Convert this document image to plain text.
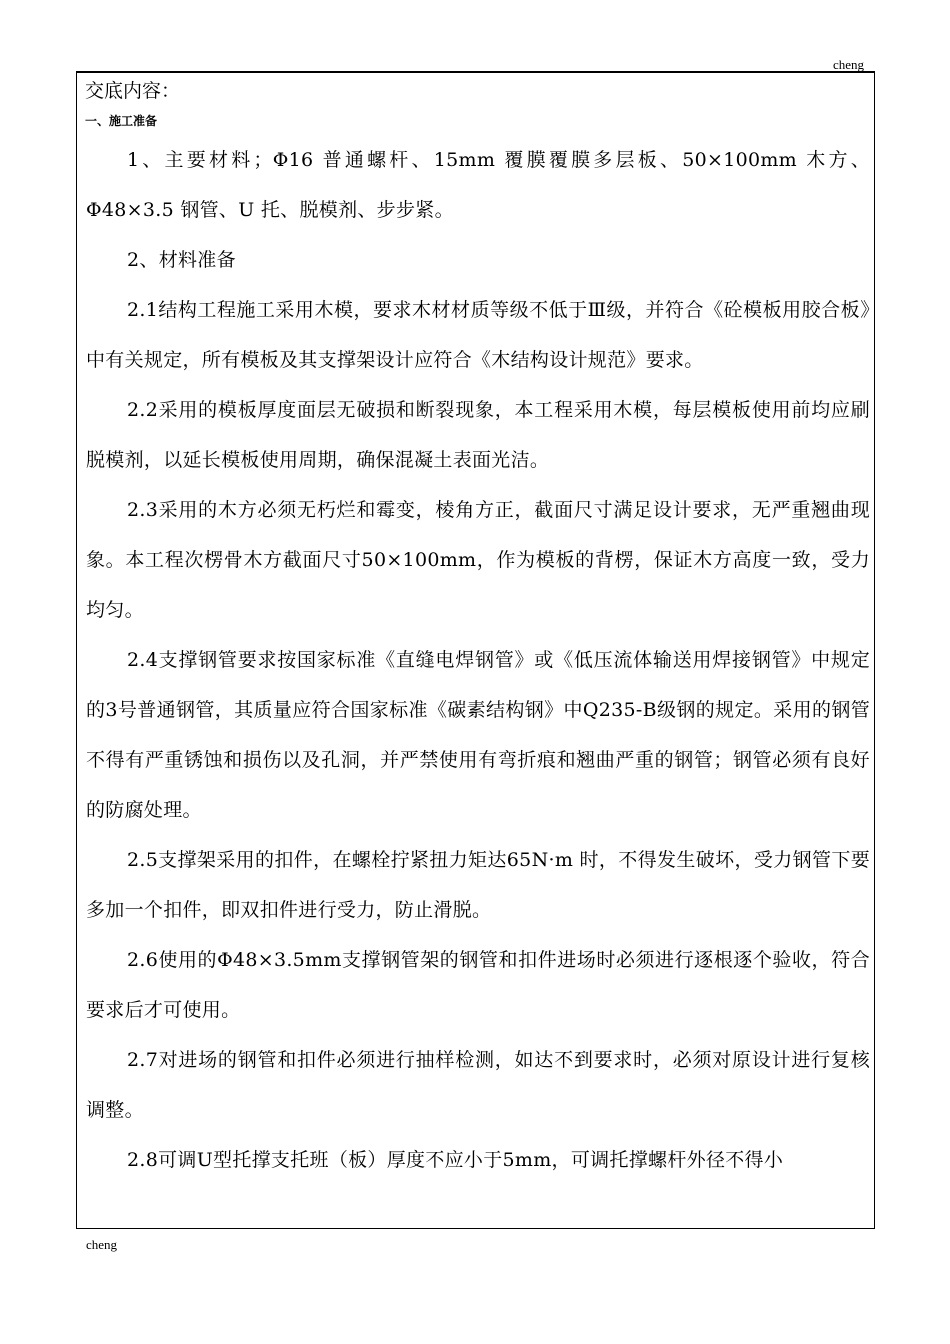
cheng
交底内容：
一、施工准备

1、主要材料；Φ16 普通螺杆、15mm 覆膜覆膜多层板、50×100mm 木方、Φ48×3.5 钢管、U 托、脱模剂、步步紧。

2、材料准备

2.1结构工程施工采用木模，要求木材材质等级不低于Ⅲ级，并符合《砼模板用胶合板》中有关规定，所有模板及其支撑架设计应符合《木结构设计规范》要求。

2.2采用的模板厚度面层无破损和断裂现象，本工程采用木模，每层模板使用前均应刷脱模剂，以延长模板使用周期，确保混凝土表面光洁。

2.3采用的木方必须无朽烂和霉变，棱角方正，截面尺寸满足设计要求，无严重翘曲现象。本工程次楞骨木方截面尺寸50×100mm，作为模板的背楞，保证木方高度一致，受力均匀。

2.4支撑钢管要求按国家标准《直缝电焊钢管》或《低压流体输送用焊接钢管》中规定的3号普通钢管，其质量应符合国家标准《碳素结构钢》中Q235-B级钢的规定。采用的钢管不得有严重锈蚀和损伤以及孔洞，并严禁使用有弯折痕和翘曲严重的钢管；钢管必须有良好的防腐处理。

2.5支撑架采用的扣件，在螺栓拧紧扭力矩达65N·m 时，不得发生破坏，受力钢管下要多加一个扣件，即双扣件进行受力，防止滑脱。

2.6使用的Φ48×3.5mm支撑钢管架的钢管和扣件进场时必须进行逐根逐个验收，符合要求后才可使用。

2.7对进场的钢管和扣件必须进行抽样检测，如达不到要求时，必须对原设计进行复核调整。

2.8可调U型托撑支托班（板）厚度不应小于5mm，可调托撑螺杆外径不得小

cheng
